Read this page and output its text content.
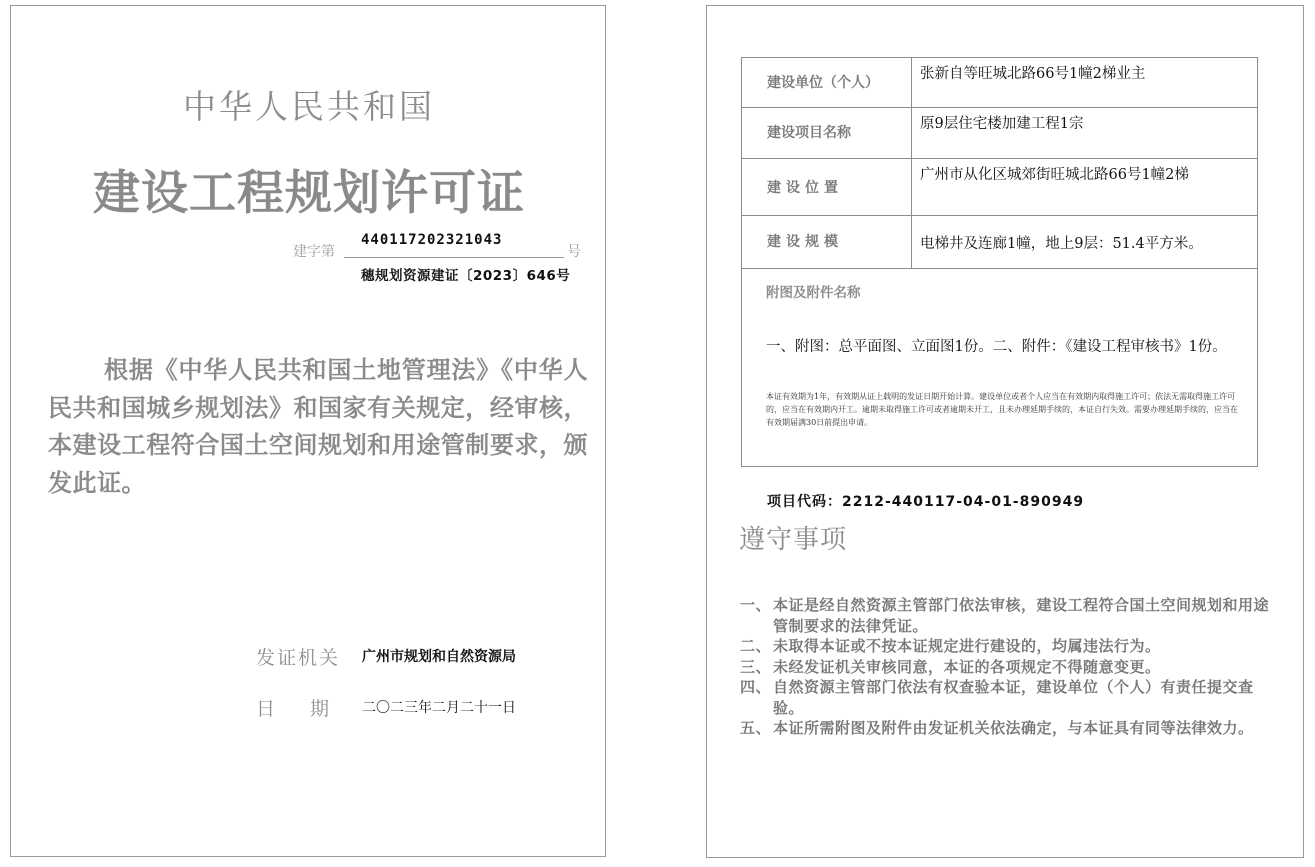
中华人民共和国
建设工程规划许可证
建字第
440117202321043
号
穗规划资源建证〔2023〕646号
根据《中华人民共和国土地管理法》《中华人民共和国城乡规划法》和国家有关规定，经审核，本建设工程符合国土空间规划和用途管制要求，颁发此证。
发证机关 广州市规划和自然资源局
日期
二〇二三年二月二十一日
建设单位（个人）	张新自等旺城北路66号1幢2梯业主
建设项目名称	原9层住宅楼加建工程1宗
建设位置	广州市从化区城郊街旺城北路66号1幢2梯
建设规模	电梯井及连廊1幢，地上9层：51.4平方米。

附图及附件名称
一、附图：总平面图、立面图1份。二、附件：《建设工程审核书》1份。
本证有效期为1年，有效期从证上载明的发证日期开始计算。建设单位或者个人应当在有效期内取得施工许可；依法无需取得施工许可的，应当在有效期内开工。逾期未取得施工许可或者逾期未开工，且未办理延期手续的，本证自行失效。需要办理延期手续的，应当在有效期届满30日前提出申请。	
项目代码：2212-440117-04-01-890949
遵守事项
一、 本证是经自然资源主管部门依法审核，建设工程符合国土空间规划和用途管制要求的法律凭证。
二、 未取得本证或不按本证规定进行建设的，均属违法行为。
三、 未经发证机关审核同意，本证的各项规定不得随意变更。
四、 自然资源主管部门依法有权查验本证，建设单位（个人）有责任提交查验。
五、 本证所需附图及附件由发证机关依法确定，与本证具有同等法律效力。
